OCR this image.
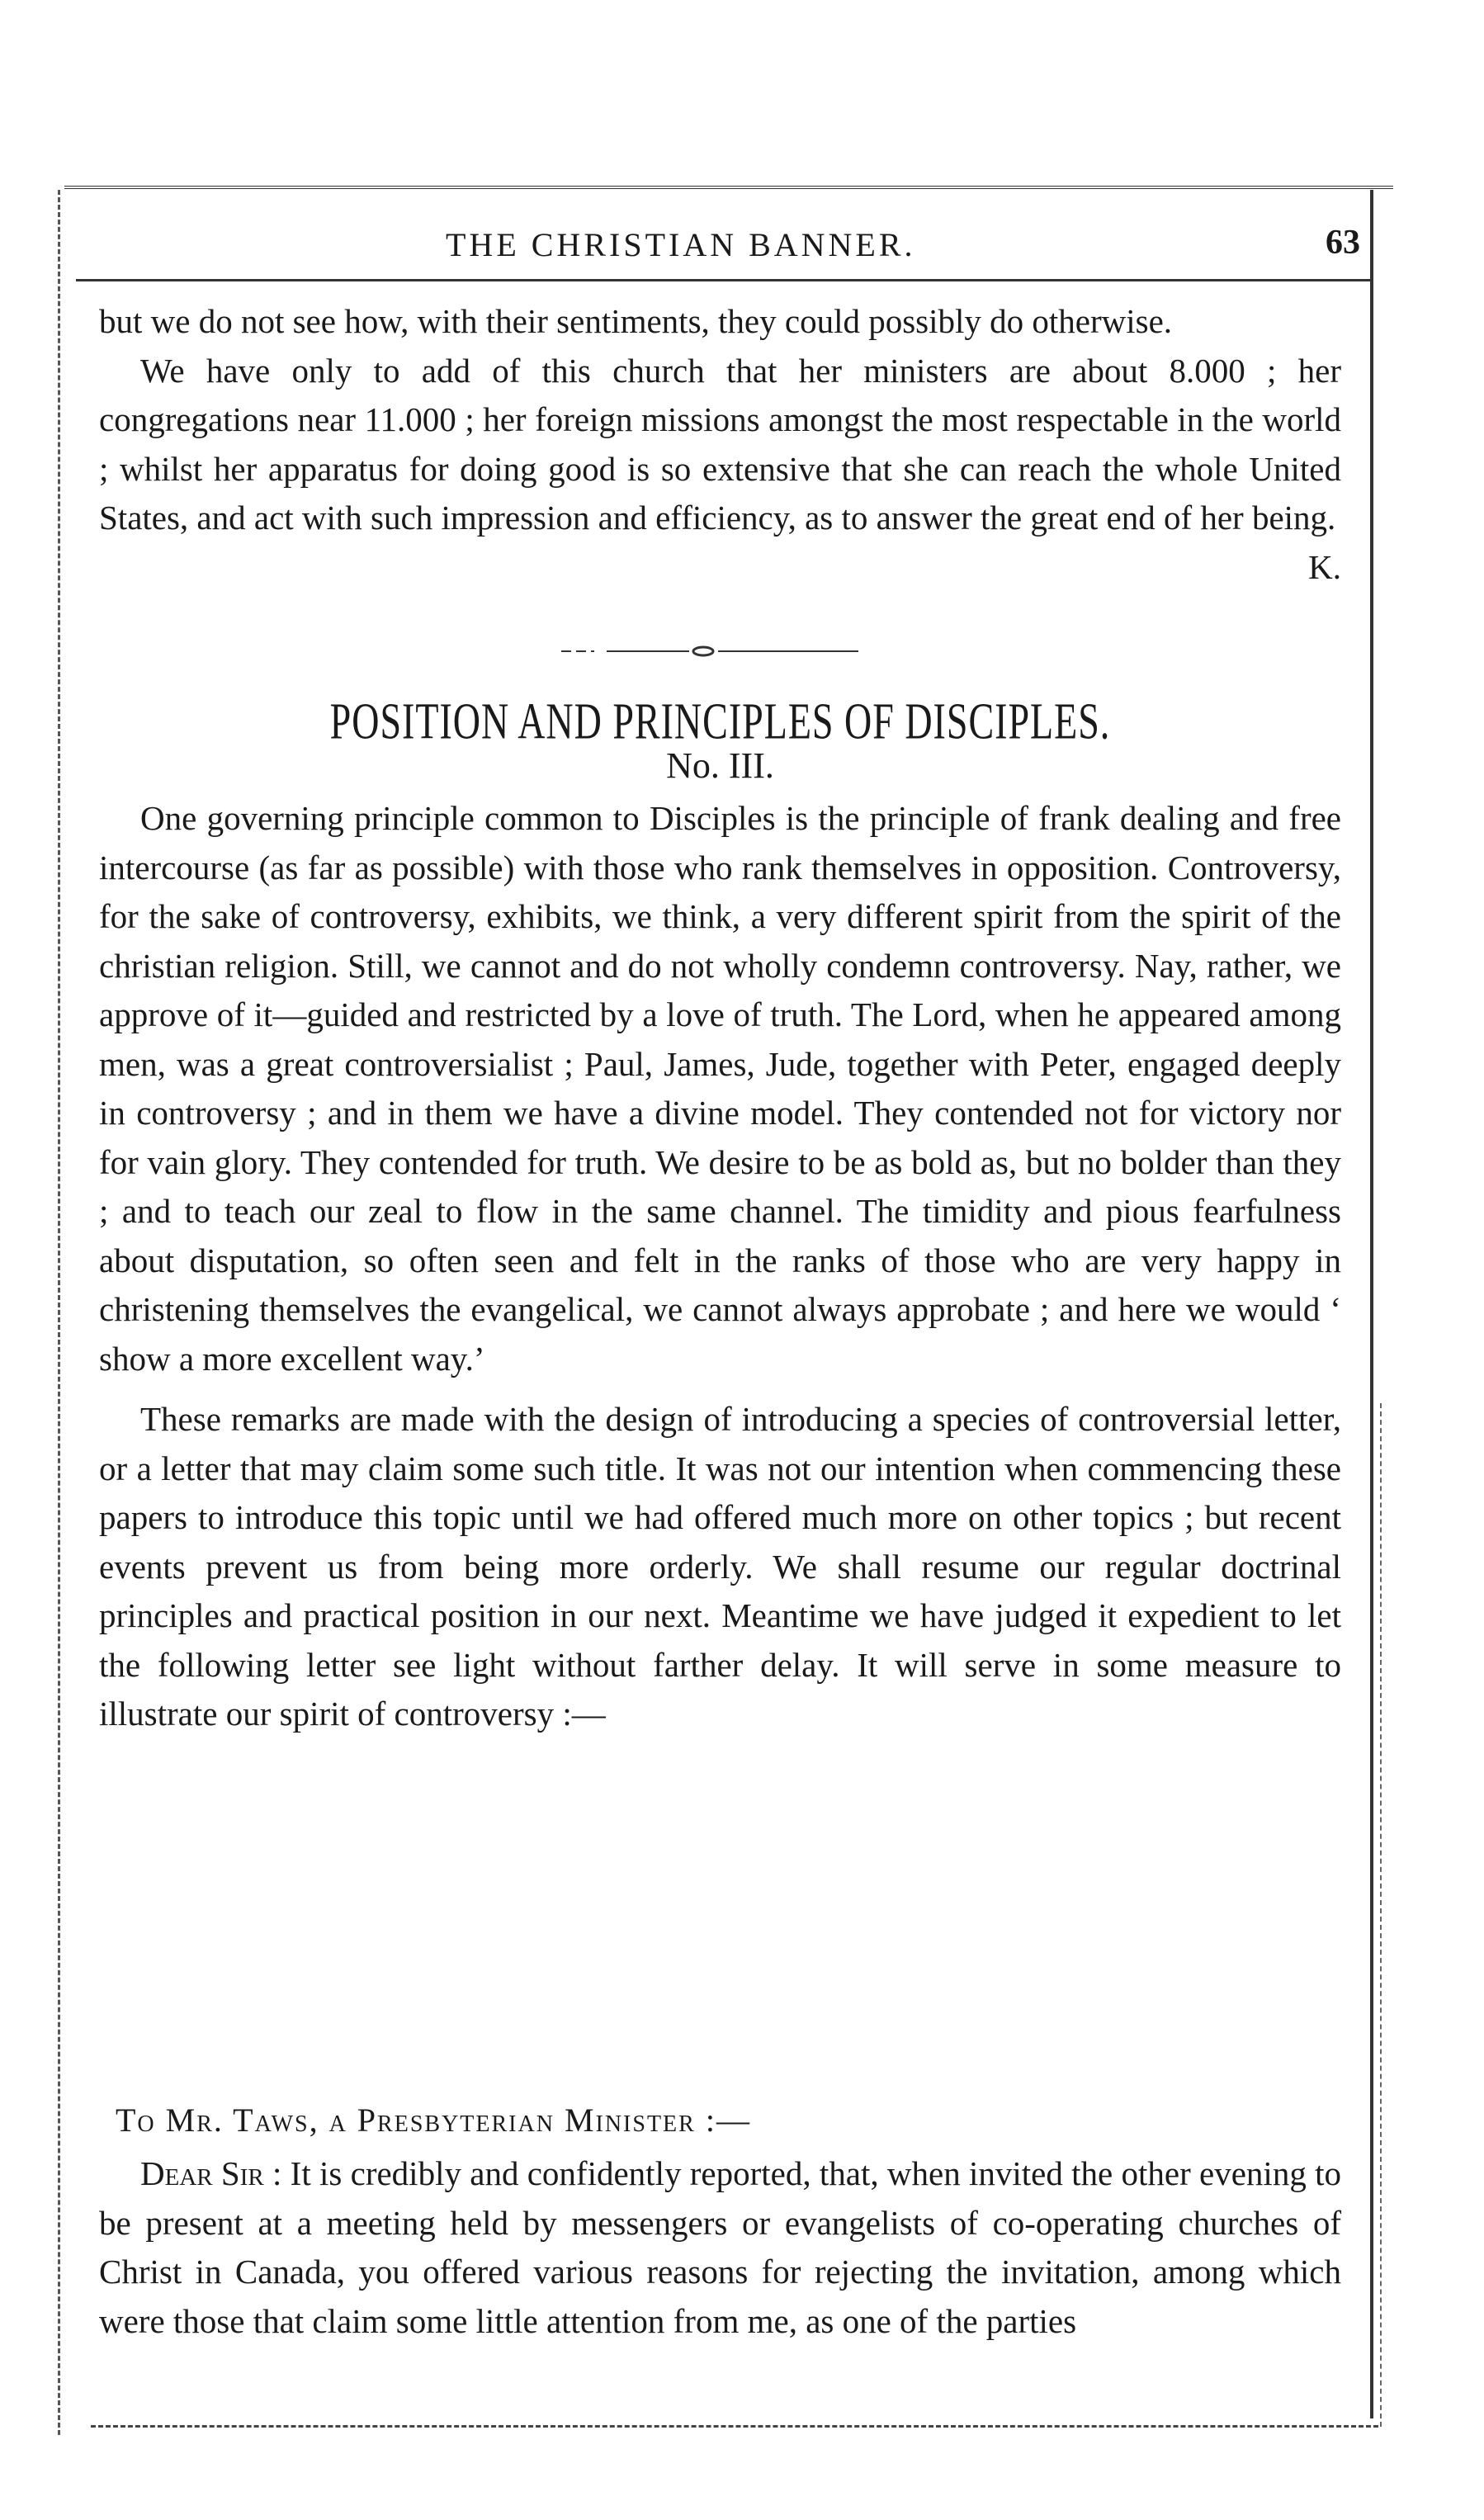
THE CHRISTIAN BANNER.	63

but we do not see how, with their sentiments, they could possibly do otherwise.

We have only to add of this church that her ministers are about 8.000 ; her congregations near 11.000 ; her foreign missions amongst the most respectable in the world ; whilst her apparatus for doing good is so extensive that she can reach the whole United States, and act with such impression and efficiency, as to answer the great end of her being.
K.

POSITION AND PRINCIPLES OF DISCIPLES.
No. III.

One governing principle common to Disciples is the principle of frank dealing and free intercourse (as far as possible) with those who rank themselves in opposition. Controversy, for the sake of controversy, exhibits, we think, a very different spirit from the spirit of the christian religion. Still, we cannot and do not wholly condemn controversy. Nay, rather, we approve of it—guided and restricted by a love of truth. The Lord, when he appeared among men, was a great controversialist ; Paul, James, Jude, together with Peter, engaged deeply in controversy ; and in them we have a divine model. They contended not for victory nor for vain glory. They contended for truth. We desire to be as bold as, but no bolder than they ; and to teach our zeal to flow in the same channel. The timidity and pious fearfulness about disputation, so often seen and felt in the ranks of those who are very happy in christening themselves the evangelical, we cannot always approbate ; and here we would ‘ show a more excellent way.’

These remarks are made with the design of introducing a species of controversial letter, or a letter that may claim some such title. It was not our intention when commencing these papers to introduce this topic until we had offered much more on other topics ; but recent events prevent us from being more orderly. We shall resume our regular doctrinal principles and practical position in our next. Meantime we have judged it expedient to let the following letter see light without farther delay. It will serve in some measure to illustrate our spirit of controversy :—

To Mr. Taws, a Presbyterian Minister :—

Dear Sir : It is credibly and confidently reported, that, when invited the other evening to be present at a meeting held by messengers or evangelists of co-operating churches of Christ in Canada, you offered various reasons for rejecting the invitation, among which were those that claim some little attention from me, as one of the parties
